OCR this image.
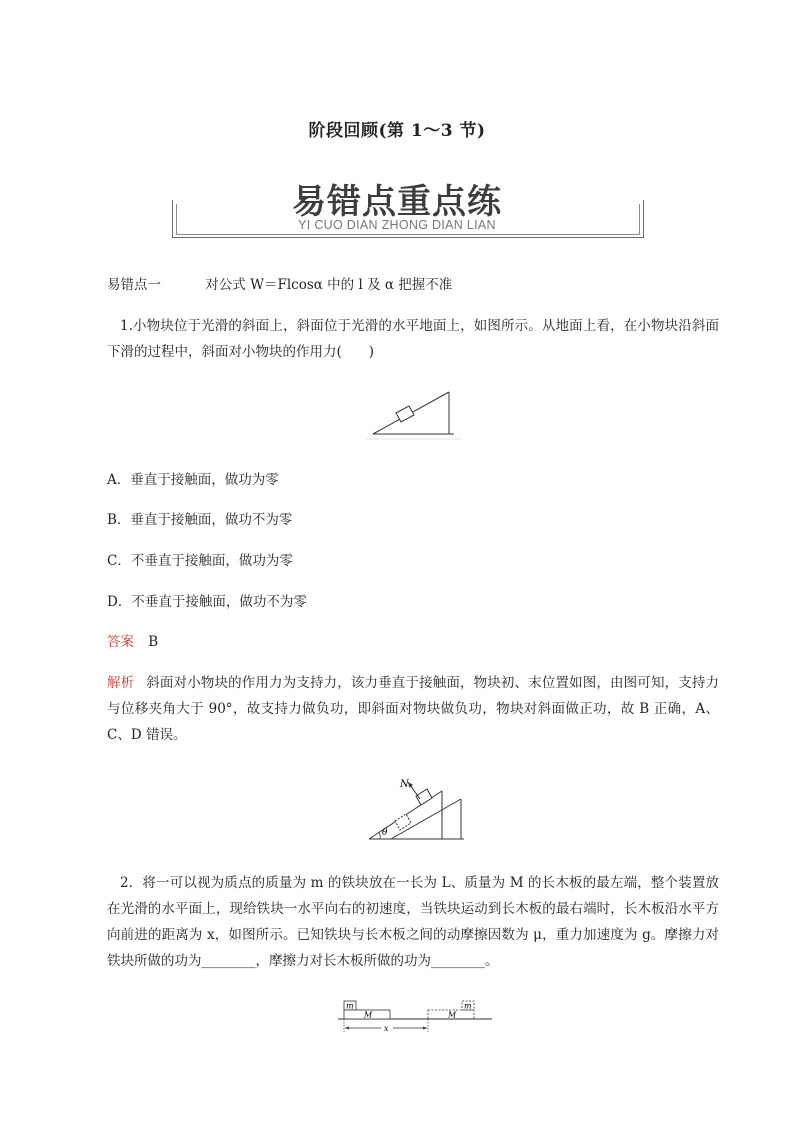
阶段回顾(第 1～3 节)
易错点重点练
YI CUO DIAN ZHONG DIAN LIAN
易错点一	对公式 W＝Flcosα 中的 l 及 α 把握不准
1.小物块位于光滑的斜面上，斜面位于光滑的水平地面上，如图所示。从地面上看，在小物块沿斜面下滑的过程中，斜面对小物块的作用力(　　)
A．垂直于接触面，做功为零
B．垂直于接触面，做功不为零
C．不垂直于接触面，做功为零
D．不垂直于接触面，做功不为零
答案 B
解析 斜面对小物块的作用力为支持力，该力垂直于接触面，物块初、末位置如图，由图可知，支持力与位移夹角大于 90°，故支持力做负功，即斜面对物块做负功，物块对斜面做正功，故 B 正确，A、C、D 错误。
N
θ
2．将一可以视为质点的质量为 m 的铁块放在一长为 L、质量为 M 的长木板的最左端，整个装置放在光滑的水平面上，现给铁块一水平向右的初速度，当铁块运动到长木板的最右端时，长木板沿水平方向前进的距离为 x，如图所示。已知铁块与长木板之间的动摩擦因数为 μ，重力加速度为 g。摩擦力对铁块所做的功为________，摩擦力对长木板所做的功为________。
m
M	M
m
x
